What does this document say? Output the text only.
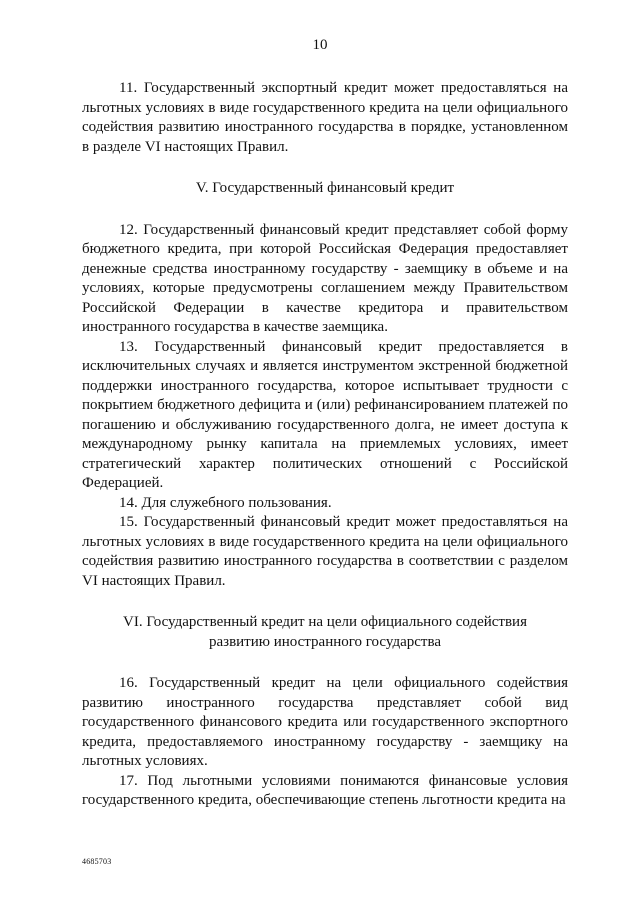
10

11. Государственный экспортный кредит может предоставляться на льготных условиях в виде государственного кредита на цели официального содействия развитию иностранного государства в порядке, установленном в разделе VI настоящих Правил.

V. Государственный финансовый кредит

12. Государственный финансовый кредит представляет собой форму бюджетного кредита, при которой Российская Федерация предоставляет денежные средства иностранному государству - заемщику в объеме и на условиях, которые предусмотрены соглашением между Правительством Российской Федерации в качестве кредитора и правительством иностранного государства в качестве заемщика.

13. Государственный финансовый кредит предоставляется в исключительных случаях и является инструментом экстренной бюджетной поддержки иностранного государства, которое испытывает трудности с покрытием бюджетного дефицита и (или) рефинансированием платежей по погашению и обслуживанию государственного долга, не имеет доступа к международному рынку капитала на приемлемых условиях, имеет стратегический характер политических отношений с Российской Федерацией.

14. Для служебного пользования.

15. Государственный финансовый кредит может предоставляться на льготных условиях в виде государственного кредита на цели официального содействия развитию иностранного государства в соответствии с разделом VI настоящих Правил.

VI. Государственный кредит на цели официального содействия

развитию иностранного государства

16. Государственный кредит на цели официального содействия развитию иностранного государства представляет собой вид государственного финансового кредита или государственного экспортного кредита, предоставляемого иностранному государству - заемщику на льготных условиях.

17. Под льготными условиями понимаются финансовые условия государственного кредита, обеспечивающие степень льготности кредита на

4685703
